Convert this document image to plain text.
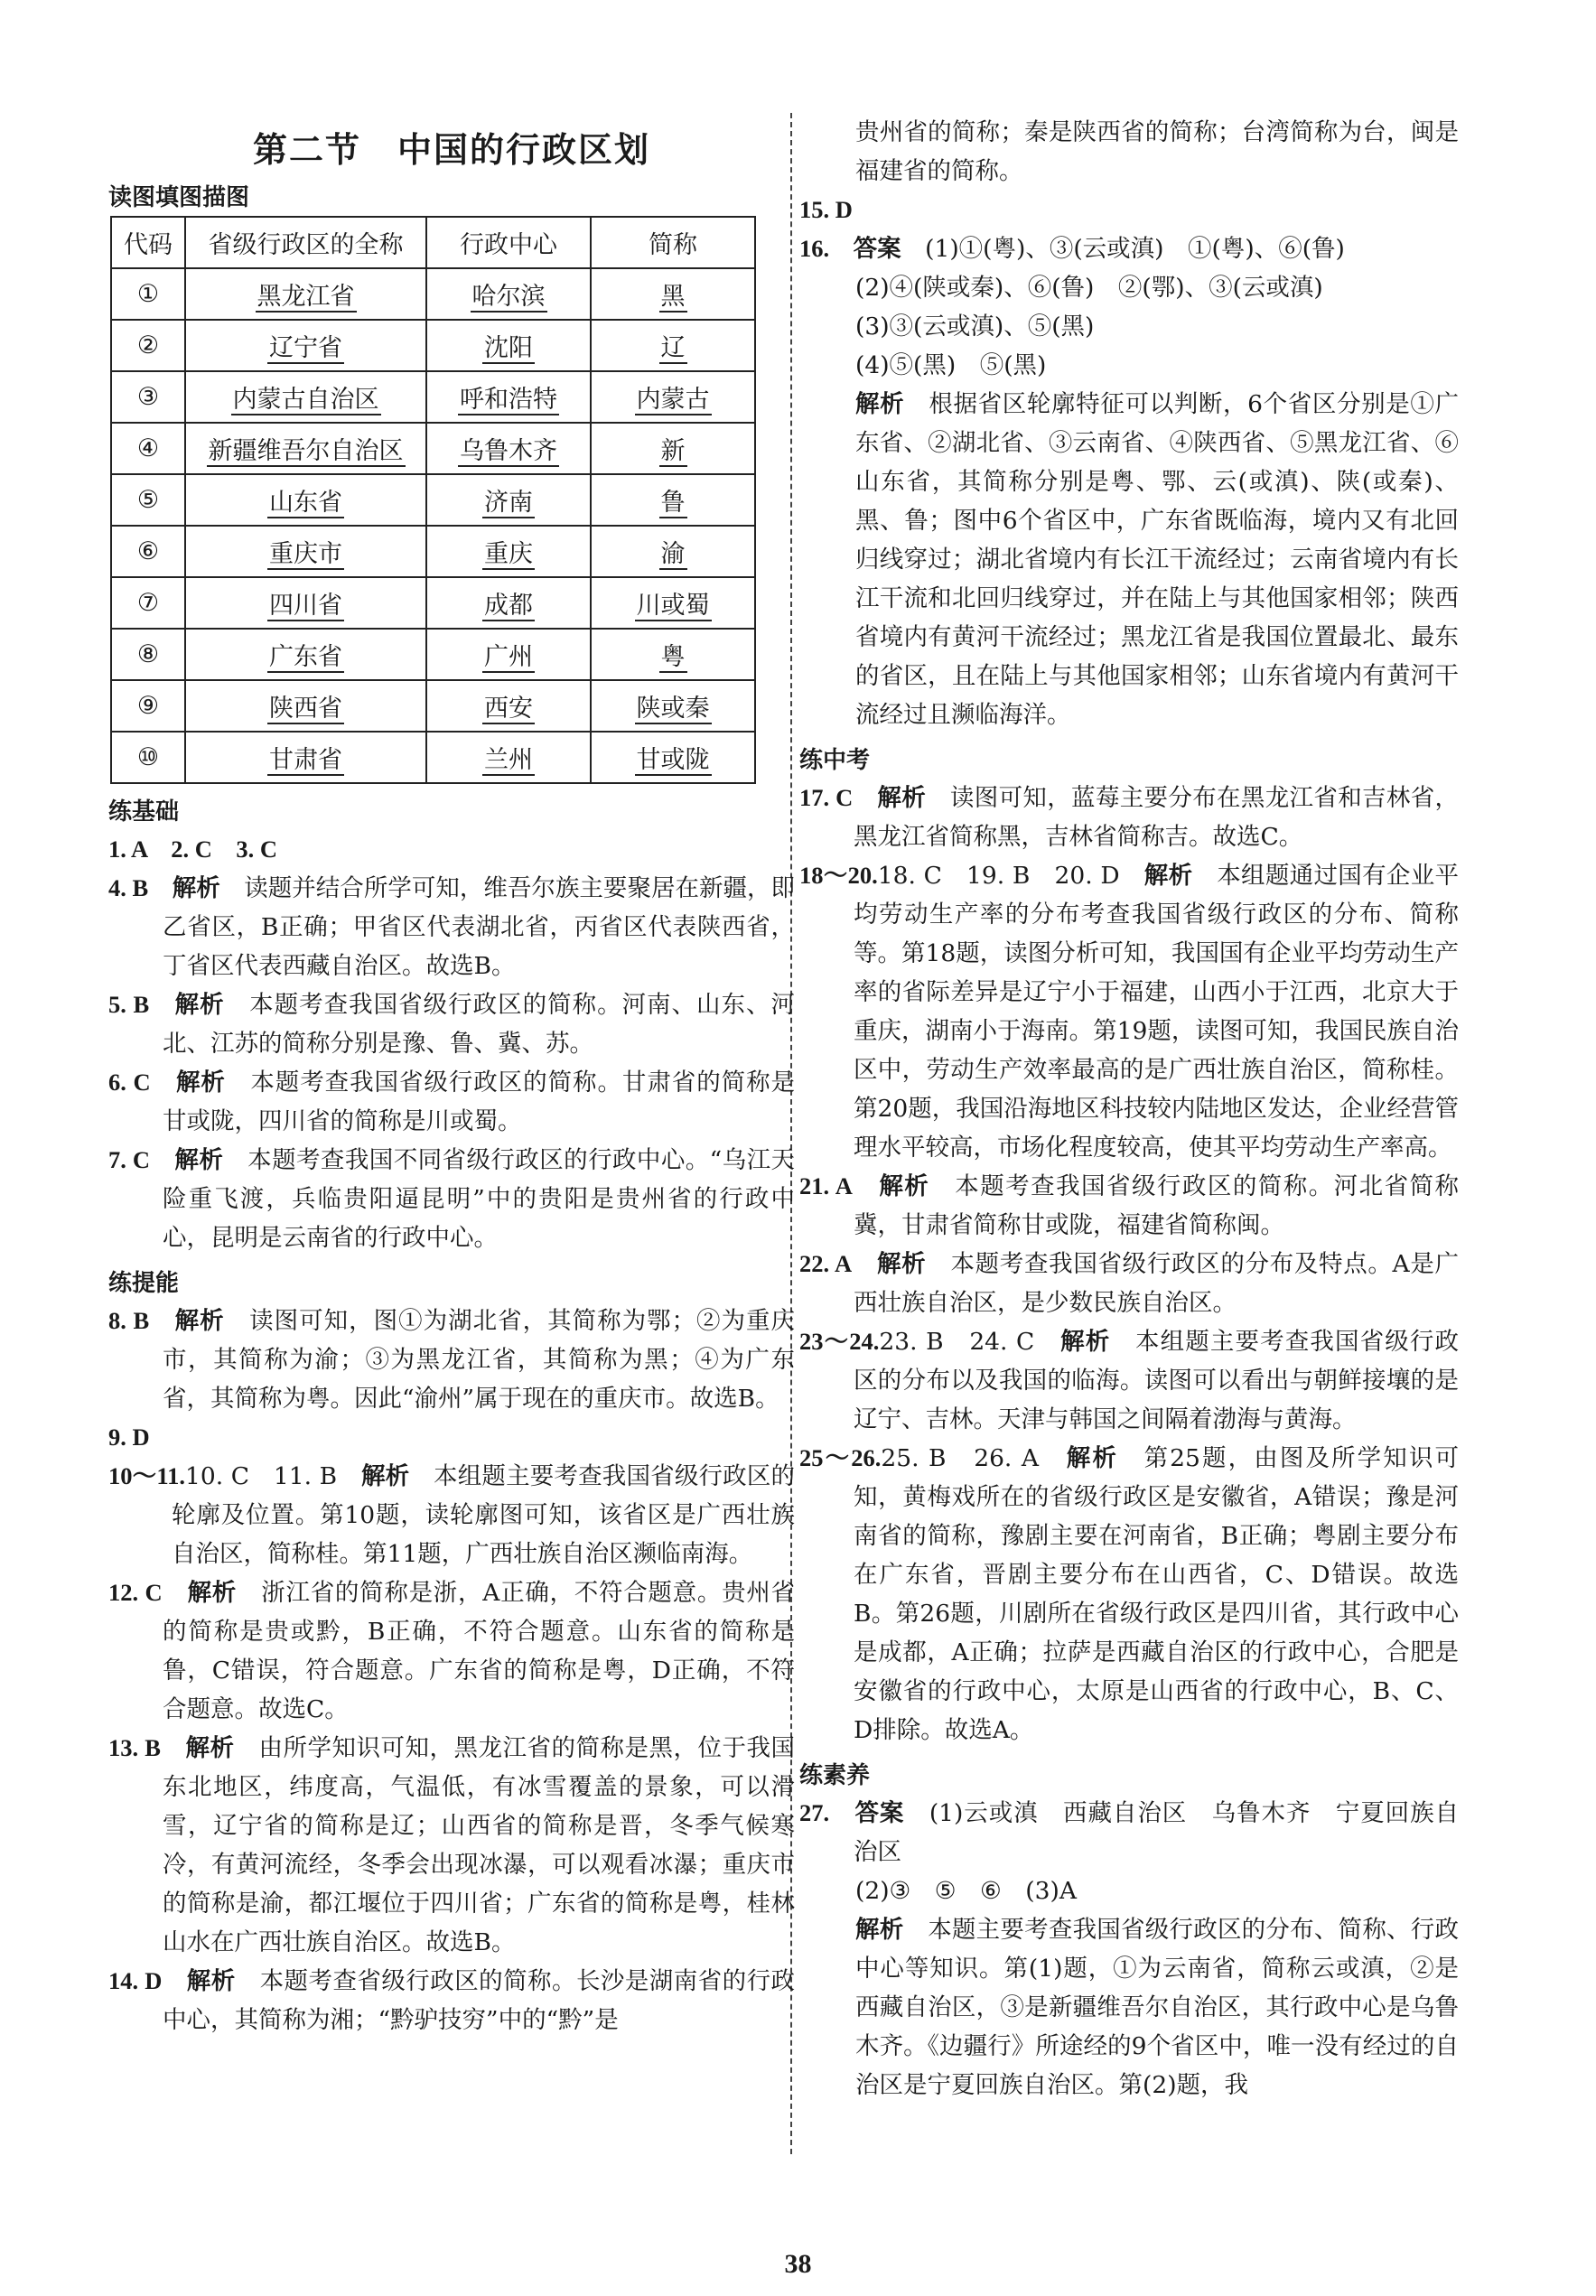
第二节　中国的行政区划
读图填图描图
代码	省级行政区的全称	行政中心	简称
①	黑龙江省	哈尔滨	黑
②	辽宁省	沈阳	辽
③	内蒙古自治区	呼和浩特	内蒙古
④	新疆维吾尔自治区	乌鲁木齐	新
⑤	山东省	济南	鲁
⑥	重庆市	重庆	渝
⑦	四川省	成都	川或蜀
⑧	广东省	广州	粤
⑨	陕西省	西安	陕或秦
⑩	甘肃省	兰州	甘或陇
练基础

1. A　2. C　3. C

4. B　 解析　 读题并结合所学可知，维吾尔族主要聚居在新疆，即乙省区，B正确；甲省区代表湖北省，丙省区代表陕西省，丁省区代表西藏自治区。故选B。

5. B　 解析　 本题考查我国省级行政区的简称。河南、山东、河北、江苏的简称分别是豫、鲁、冀、苏。

6. C　 解析　 本题考查我国省级行政区的简称。甘肃省的简称是甘或陇，四川省的简称是川或蜀。

7. C　 解析　 本题考查我国不同省级行政区的行政中心。“乌江天险重飞渡，兵临贵阳逼昆明”中的贵阳是贵州省的行政中心，昆明是云南省的行政中心。

练提能

8. B　 解析　 读图可知，图①为湖北省，其简称为鄂；②为重庆市，其简称为渝；③为黑龙江省，其简称为黑；④为广东省，其简称为粤。因此“渝州”属于现在的重庆市。故选B。

9. D

10～11.10. C　11. B　 解析　 本组题主要考查我国省级行政区的轮廓及位置。第10题，读轮廓图可知，该省区是广西壮族自治区，简称桂。第11题，广西壮族自治区濒临南海。

12. C　 解析　 浙江省的简称是浙，A正确，不符合题意。贵州省的简称是贵或黔，B正确，不符合题意。山东省的简称是鲁，C错误，符合题意。广东省的简称是粤，D正确，不符合题意。故选C。

13. B　 解析　 由所学知识可知，黑龙江省的简称是黑，位于我国东北地区，纬度高，气温低，有冰雪覆盖的景象，可以滑雪，辽宁省的简称是辽；山西省的简称是晋，冬季气候寒冷，有黄河流经，冬季会出现冰瀑，可以观看冰瀑；重庆市的简称是渝，都江堰位于四川省；广东省的简称是粤，桂林山水在广西壮族自治区。故选B。

14. D　 解析　 本题考查省级行政区的简称。长沙是湖南省的行政中心，其简称为湘；“黔驴技穷”中的“黔”是

贵州省的简称；秦是陕西省的简称；台湾简称为台，闽是福建省的简称。

15. D

16.　 答案　 (1)①(粤)、③(云或滇)　①(粤)、⑥(鲁)

(2)④(陕或秦)、⑥(鲁)　②(鄂)、③(云或滇)

(3)③(云或滇)、⑤(黑)

(4)⑤(黑)　⑤(黑)

解析　 根据省区轮廓特征可以判断，6个省区分别是①广东省、②湖北省、③云南省、④陕西省、⑤黑龙江省、⑥山东省，其简称分别是粤、鄂、云(或滇)、陕(或秦)、黑、鲁；图中6个省区中，广东省既临海，境内又有北回归线穿过；湖北省境内有长江干流经过；云南省境内有长江干流和北回归线穿过，并在陆上与其他国家相邻；陕西省境内有黄河干流经过；黑龙江省是我国位置最北、最东的省区，且在陆上与其他国家相邻；山东省境内有黄河干流经过且濒临海洋。

练中考

17. C　 解析　 读图可知，蓝莓主要分布在黑龙江省和吉林省，黑龙江省简称黑，吉林省简称吉。故选C。

18～20.18. C　19. B　20. D　 解析　 本组题通过国有企业平均劳动生产率的分布考查我国省级行政区的分布、简称等。第18题，读图分析可知，我国国有企业平均劳动生产率的省际差异是辽宁小于福建，山西小于江西，北京大于重庆，湖南小于海南。第19题，读图可知，我国民族自治区中，劳动生产效率最高的是广西壮族自治区，简称桂。第20题，我国沿海地区科技较内陆地区发达，企业经营管理水平较高，市场化程度较高，使其平均劳动生产率高。

21. A　 解析　 本题考查我国省级行政区的简称。河北省简称冀，甘肃省简称甘或陇，福建省简称闽。

22. A　 解析　 本题考查我国省级行政区的分布及特点。A是广西壮族自治区，是少数民族自治区。

23～24.23. B　24. C　 解析　 本组题主要考查我国省级行政区的分布以及我国的临海。读图可以看出与朝鲜接壤的是辽宁、吉林。天津与韩国之间隔着渤海与黄海。

25～26.25. B　26. A　 解析　 第25题，由图及所学知识可知，黄梅戏所在的省级行政区是安徽省，A错误；豫是河南省的简称，豫剧主要在河南省，B正确；粤剧主要分布在广东省，晋剧主要分布在山西省，C、D错误。故选B。第26题，川剧所在省级行政区是四川省，其行政中心是成都，A正确；拉萨是西藏自治区的行政中心，合肥是安徽省的行政中心，太原是山西省的行政中心，B、C、D排除。故选A。

练素养

27.　 答案　 (1)云或滇　西藏自治区　乌鲁木齐　宁夏回族自治区

(2)③　⑤　⑥　(3)A

解析　 本题主要考查我国省级行政区的分布、简称、行政中心等知识。第(1)题，①为云南省，简称云或滇，②是西藏自治区，③是新疆维吾尔自治区，其行政中心是乌鲁木齐。《边疆行》所途经的9个省区中，唯一没有经过的自治区是宁夏回族自治区。第(2)题，我

38
